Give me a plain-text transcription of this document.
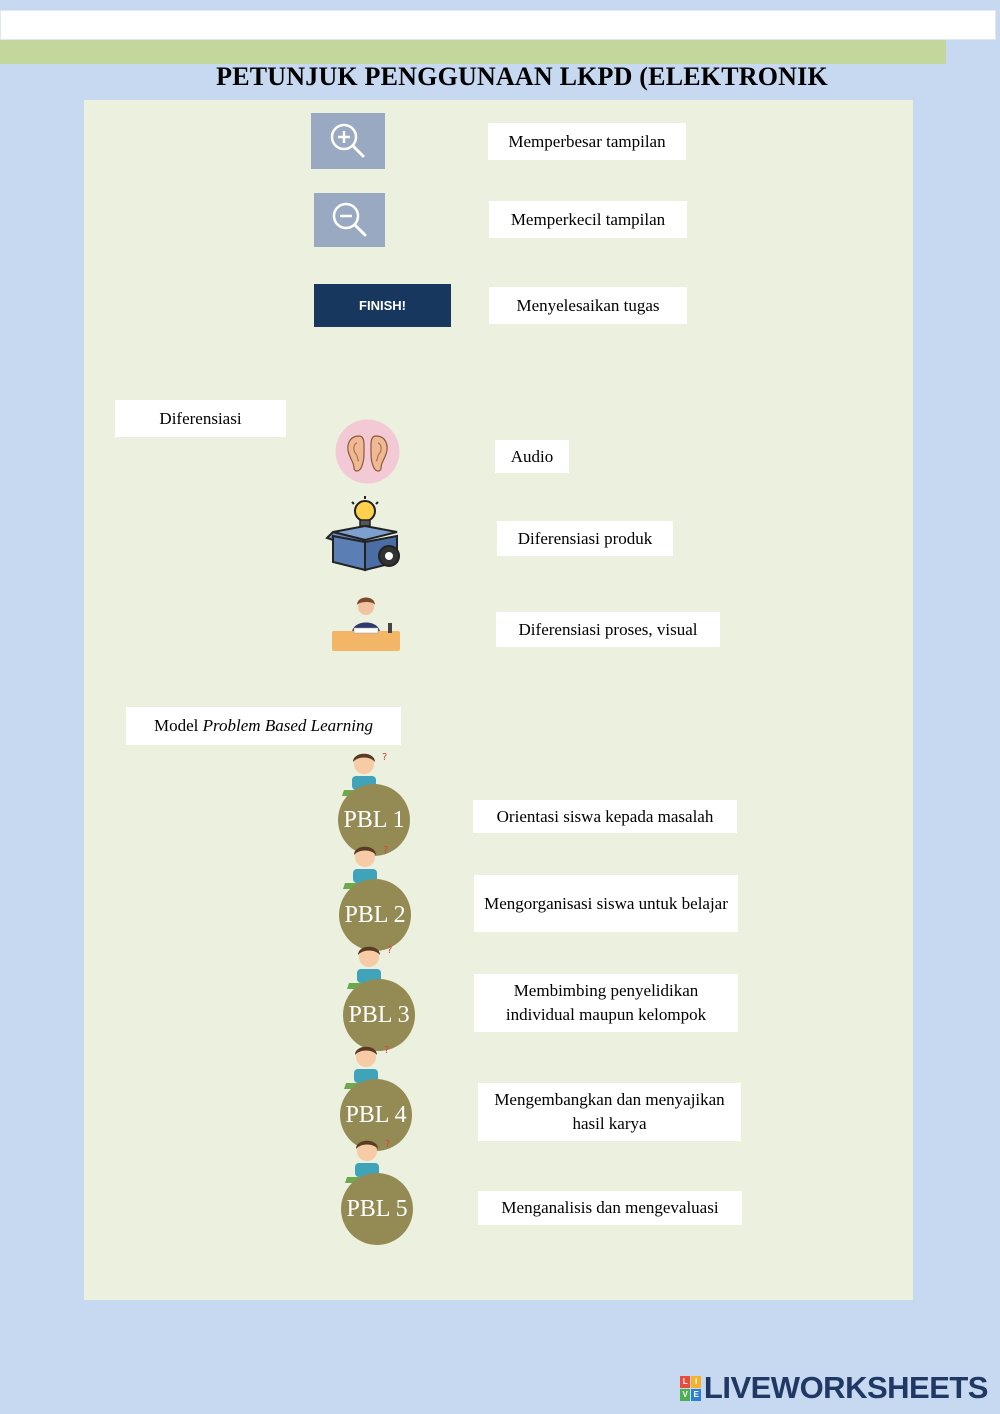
PETUNJUK PENGGUNAAN LKPD (ELEKTRONIK
Memperbesar tampilan
Memperkecil tampilan
FINISH!	Menyelesaikan tugas
Diferensiasi
Audio
Diferensiasi produk
Diferensiasi proses, visual
Model Problem Based Learning
?
PBL 1	Orientasi siswa kepada masalah
?
PBL 2	Mengorganisasi siswa untuk belajar
?
PBL 3
Membimbing penyelidikan individual maupun kelompok
?
PBL 4
Mengembangkan dan menyajikan hasil karya
?
PBL 5	Menganalisis dan mengevaluasi
L I
V E LIVEWORKSHEETS
